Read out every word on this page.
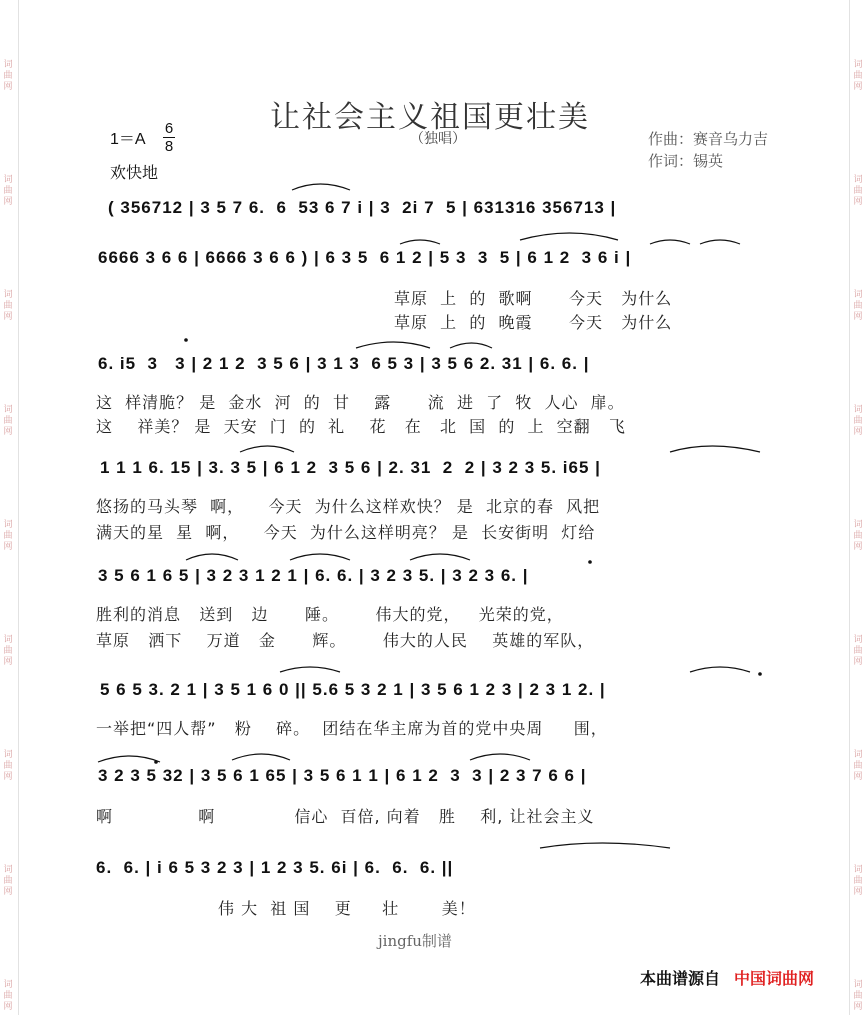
词
曲
网
词
曲
网
词
曲
网
词
曲
网
词
曲
网
词
曲
网
词
曲
网
词
曲
网
词
曲
网
词
曲
网
词
曲
网
词
曲
网
词
曲
网
词
曲
网
词
曲
网
词
曲
网
词
曲
网
词
曲
网
让社会主义祖国更壮美
（独唱）
1＝A
6
8
欢快地
作曲：赛音乌力吉
作词：锡英
( 356712 | 3 5 7 6.  6  53 6 7 i | 3  2i 7  5 | 631316 356713 |
6666 3 6 6 | 6666 3 6 6 ) | 6 3 5  6 1 2 | 5 3  3  5 | 6 1 2  3 6 i |
草原  上  的  歌啊      今天   为什么
草原  上  的  晚霞      今天   为什么
6. i5  3   3 | 2 1 2  3 5 6 | 3 1 3  6 5 3 | 3 5 6 2. 31 | 6. 6. |
这  样清脆？ 是  金水  河  的  甘    露      流  进  了  牧  人心  扉。
这    祥美？ 是  天安  门  的  礼    花   在   北  国  的  上  空翻   飞
1 1 1 6. 15 | 3. 3 5 | 6 1 2  3 5 6 | 2. 31  2  2 | 3 2 3 5. i65 |
悠扬的马头琴  啊，    今天  为什么这样欢快？ 是  北京的春  风把
满天的星  星  啊，    今天  为什么这样明亮？ 是  长安街明  灯给
3 5 6 1 6 5 | 3 2 3 1 2 1 | 6. 6. | 3 2 3 5. | 3 2 3 6. |
胜利的消息   送到   边      陲。      伟大的党，   光荣的党，
草原   洒下    万道   金      辉。      伟大的人民    英雄的军队，
5 6 5 3. 2 1 | 3 5 1 6 0 || 5.6 5 3 2 1 | 3 5 6 1 2 3 | 2 3 1 2. |
一举把“四人帮”   粉    碎。  团结在华主席为首的党中央周     围，
3 2 3 5 32 | 3 5 6 1 65 | 3 5 6 1 1 | 6 1 2  3  3 | 2 3 7 6 6 |
啊              啊             信心  百倍, 向着   胜    利, 让社会主义
6.  6. | i 6 5 3 2 3 | 1 2 3 5. 6i | 6.  6.  6. ||
伟 大  祖 国    更     壮       美！
jingfu制谱
本曲谱源自 中国词曲网
